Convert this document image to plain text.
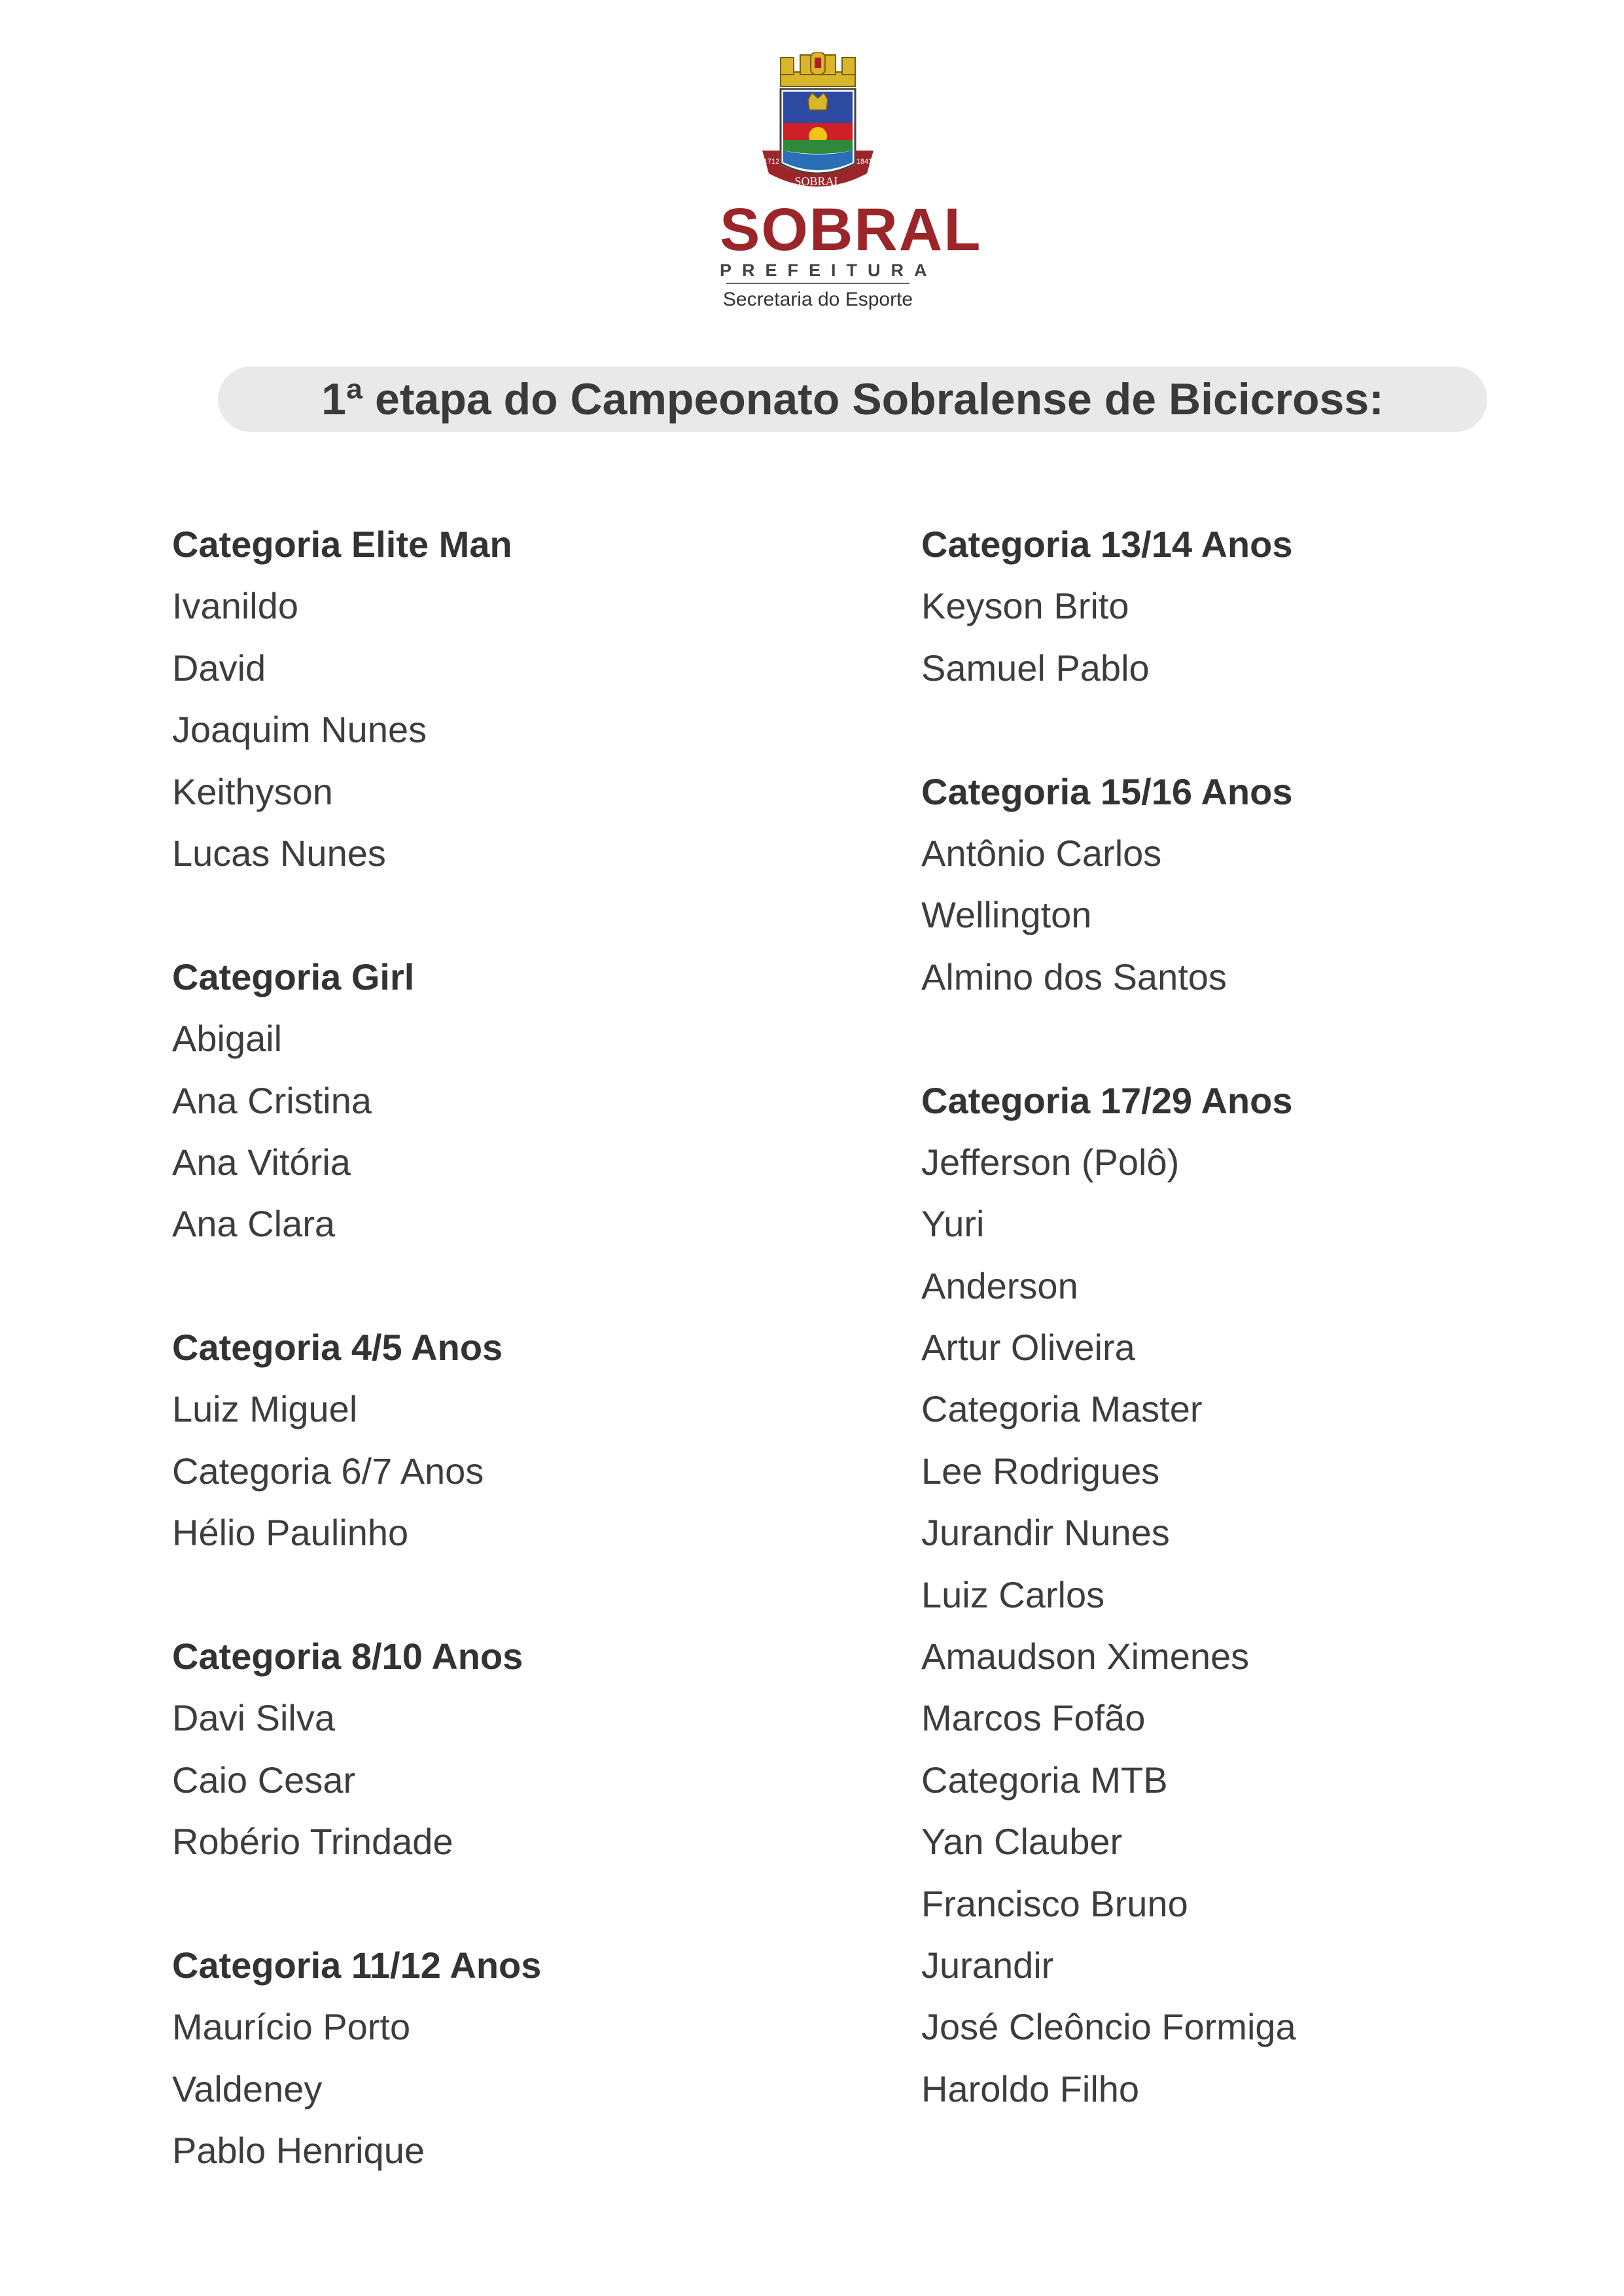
SOBRAL
1712	1841
SOBRAL
PREFEITURA
Secretaria do Esporte
1ª etapa do Campeonato Sobralense de Bicicross:
Categoria Elite Man
Ivanildo
David
Joaquim Nunes
Keithyson
Lucas Nunes
Categoria Girl
Abigail
Ana Cristina
Ana Vitória
Ana Clara
Categoria 4/5 Anos
Luiz Miguel
Categoria 6/7 Anos
Hélio Paulinho
Categoria 8/10 Anos
Davi Silva
Caio Cesar
Robério Trindade
Categoria 11/12 Anos
Maurício Porto
Valdeney
Pablo Henrique
Categoria 13/14 Anos
Keyson Brito
Samuel Pablo
Categoria 15/16 Anos
Antônio Carlos
Wellington
Almino dos Santos
Categoria 17/29 Anos
Jefferson (Polô)
Yuri
Anderson
Artur Oliveira
Categoria Master
Lee Rodrigues
Jurandir Nunes
Luiz Carlos
Amaudson Ximenes
Marcos Fofão
Categoria MTB
Yan Clauber
Francisco Bruno
Jurandir
José Cleôncio Formiga
Haroldo Filho
